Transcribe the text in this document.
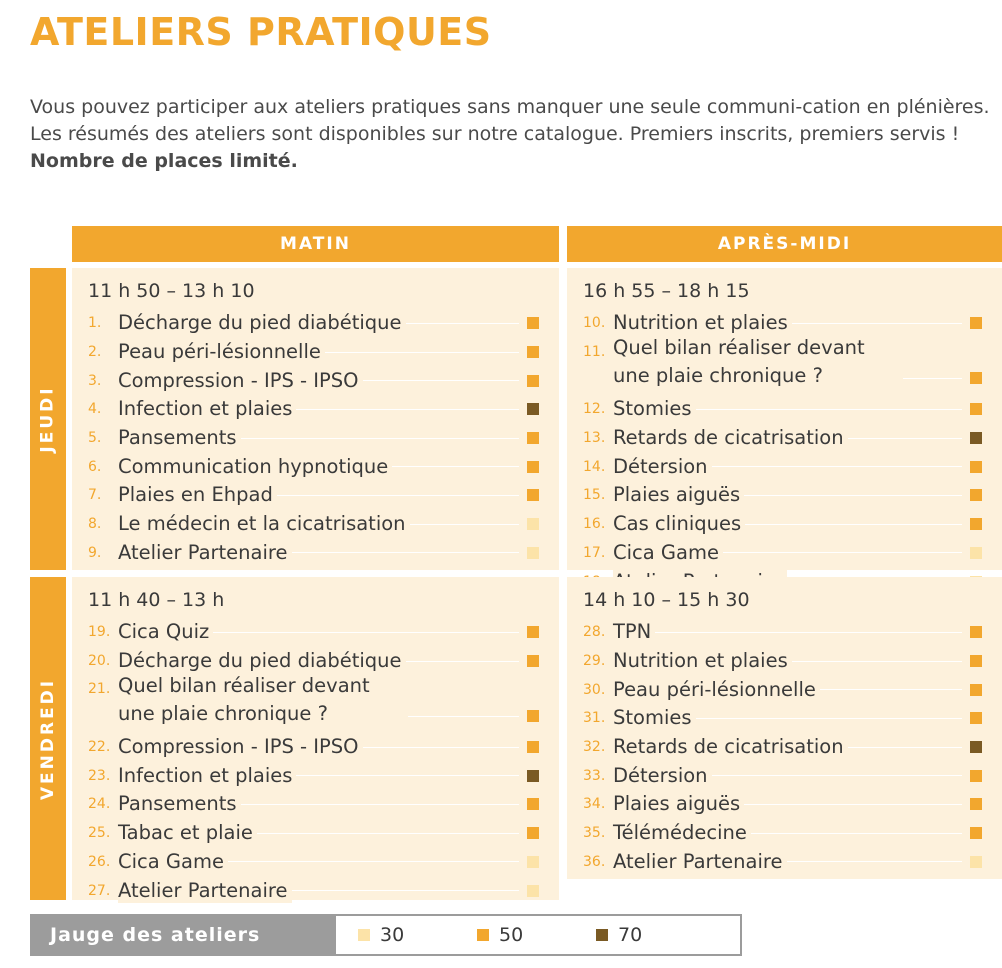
ATELIERS PRATIQUES
Vous pouvez participer aux ateliers pratiques sans manquer une seule communi-cation en plénières. Les résumés des ateliers sont disponibles sur notre catalogue. Premiers inscrits, premiers servis ! Nombre de places limité.
MATIN	APRÈS-MIDI
JEUDI
VENDREDI
11 h 50 – 13 h 10
1. Décharge du pied diabétique
2. Peau péri-lésionnelle
3. Compression - IPS - IPSO
4. Infection et plaies
5. Pansements
6. Communication hypnotique
7. Plaies en Ehpad
8. Le médecin et la cicatrisation
9. Atelier Partenaire
16 h 55 – 18 h 15
10. Nutrition et plaies
11. Quel bilan réaliser devant une plaie chronique ?
12. Stomies
13. Retards de cicatrisation
14. Détersion
15. Plaies aiguës
16. Cas cliniques
17. Cica Game
11 h 40 – 13 h
19. Cica Quiz
20. Décharge du pied diabétique
21. Quel bilan réaliser devant une plaie chronique ?
22. Compression - IPS - IPSO
23. Infection et plaies
24. Pansements
25. Tabac et plaie
26. Cica Game
27. Atelier Partenaire
14 h 10 – 15 h 30
28. TPN
29. Nutrition et plaies
30. Peau péri-lésionnelle
31. Stomies
32. Retards de cicatrisation
33. Détersion
34. Plaies aiguës
35. Télémédecine
36. Atelier Partenaire
Jauge des ateliers	30	50	70
